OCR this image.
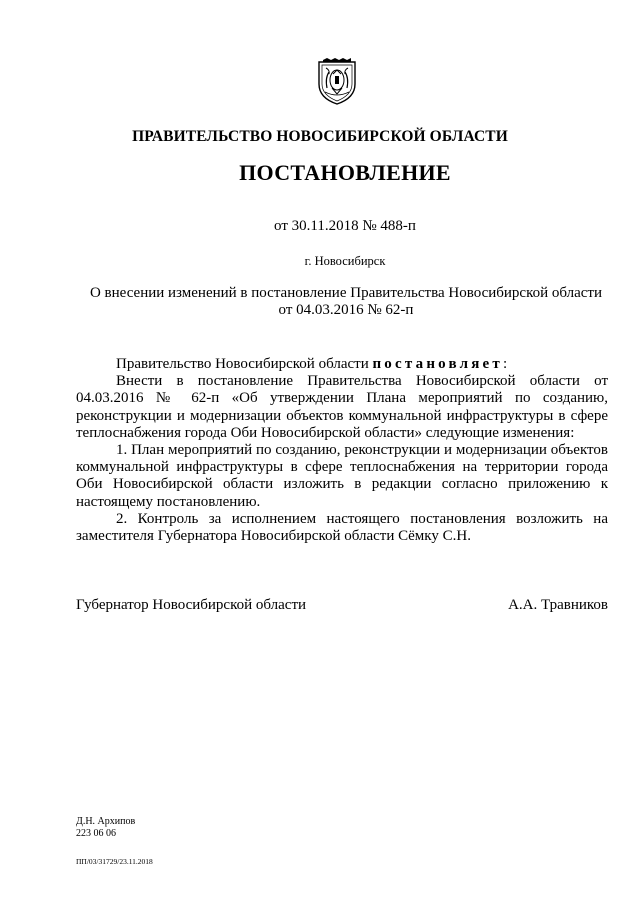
ПРАВИТЕЛЬСТВО НОВОСИБИРСКОЙ ОБЛАСТИ
ПОСТАНОВЛЕНИЕ
от 30.11.2018 № 488-п
г. Новосибирск
О внесении изменений в постановление Правительства Новосибирской области
от 04.03.2016 № 62-п

Правительство Новосибирской области постановляет:

Внести в постановление Правительства Новосибирской области от 04.03.2016 № 62-п «Об утверждении Плана мероприятий по созданию, реконструкции и модернизации объектов коммунальной инфраструктуры в сфере теплоснабжения города Оби Новосибирской области» следующие изменения:

1. План мероприятий по созданию, реконструкции и модернизации объектов коммунальной инфраструктуры в сфере теплоснабжения на территории города Оби Новосибирской области изложить в редакции согласно приложению к настоящему постановлению.

2. Контроль за исполнением настоящего постановления возложить на заместителя Губернатора Новосибирской области Сёмку С.Н.

Губернатор Новосибирской области	А.А. Травников
Д.Н. Архипов
223 06 06
ПП/03/31729/23.11.2018
